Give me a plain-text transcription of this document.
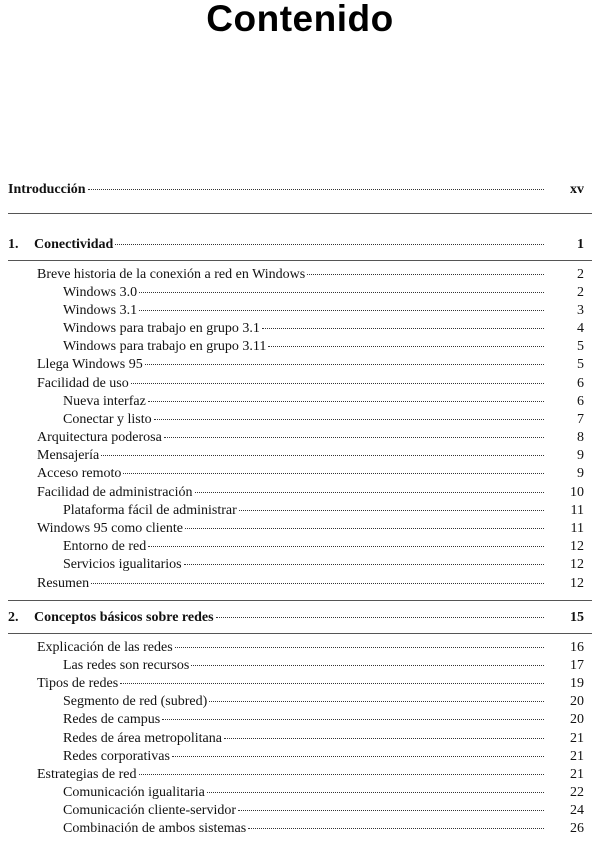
Contenido
Introducción	xv
1. Conectividad	1
Breve historia de la conexión a red en Windows	2
Windows 3.0	2
Windows 3.1	3
Windows para trabajo en grupo 3.1	4
Windows para trabajo en grupo 3.11	5
Llega Windows 95	5
Facilidad de uso	6
Nueva interfaz	6
Conectar y listo	7
Arquitectura poderosa	8
Mensajería	9
Acceso remoto	9
Facilidad de administración	10
Plataforma fácil de administrar	11
Windows 95 como cliente	11
Entorno de red	12
Servicios igualitarios	12
Resumen	12
2. Conceptos básicos sobre redes	15
Explicación de las redes	16
Las redes son recursos	17
Tipos de redes	19
Segmento de red (subred)	20
Redes de campus	20
Redes de área metropolitana	21
Redes corporativas	21
Estrategias de red	21
Comunicación igualitaria	22
Comunicación cliente-servidor	24
Combinación de ambos sistemas	26
